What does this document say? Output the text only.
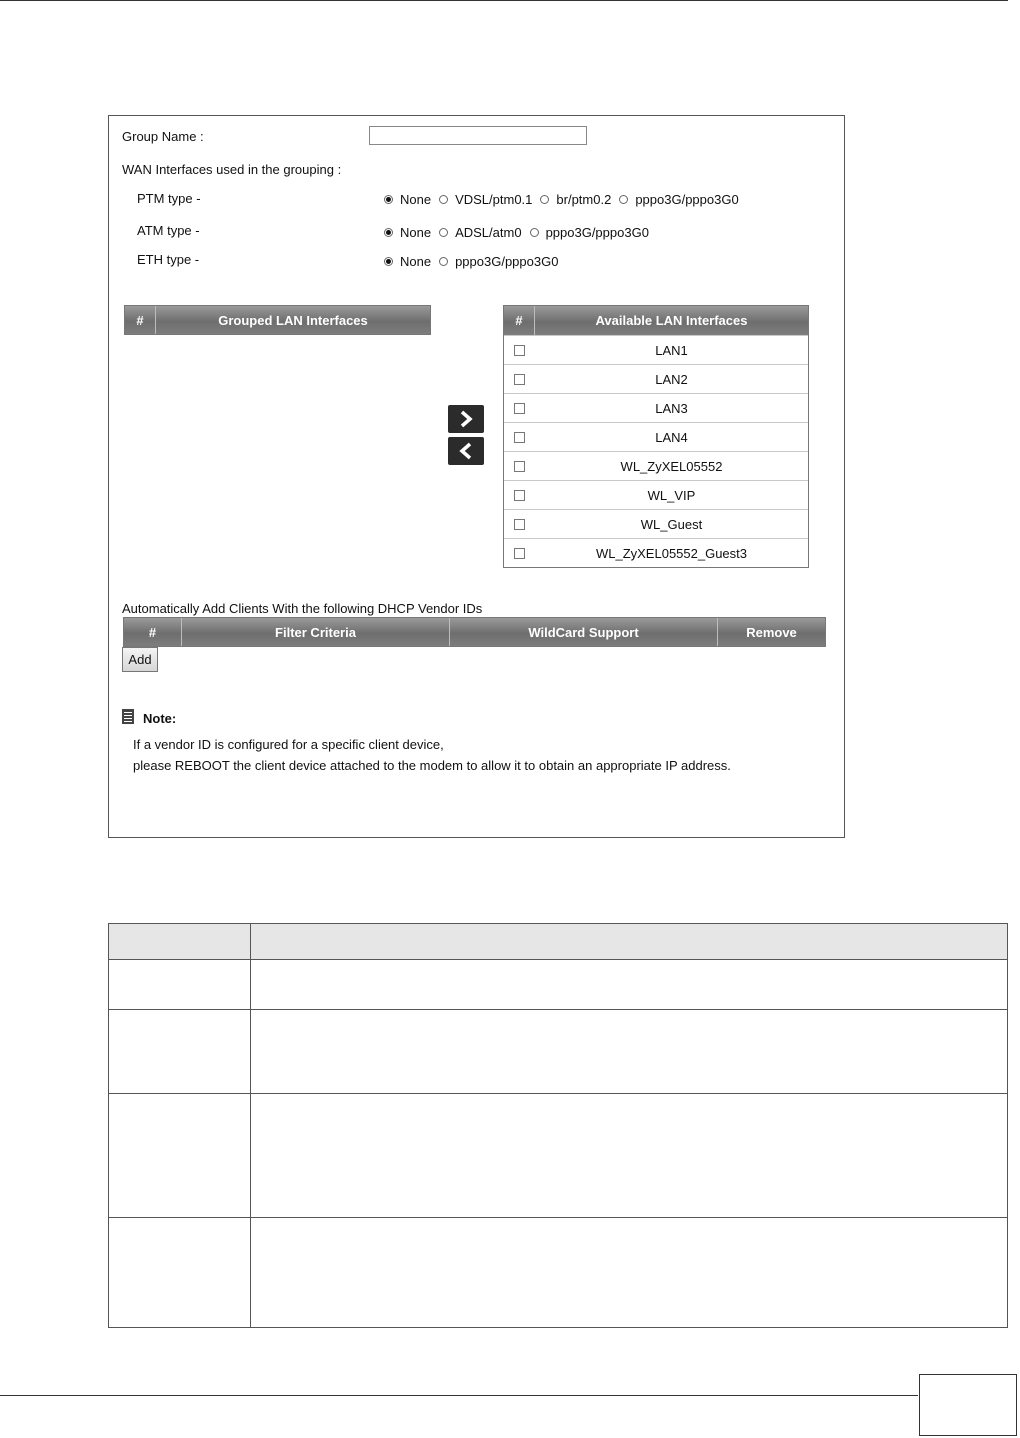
Group Name :
WAN Interfaces used in the grouping :
PTM type -	None VDSL/ptm0.1 br/ptm0.2 pppo3G/pppo3G0
ATM type -	None ADSL/atm0 pppo3G/pppo3G0
ETH type -	None pppo3G/pppo3G0
#	Grouped LAN Interfaces	#	Available LAN Interfaces
LAN1
LAN2
LAN3
LAN4
WL_ZyXEL05552
WL_VIP
WL_Guest
WL_ZyXEL05552_Guest3
Automatically Add Clients With the following DHCP Vendor IDs
#	Filter Criteria	WildCard Support	Remove
Add
Note:
If a vendor ID is configured for a specific client device,
please REBOOT the client device attached to the modem to allow it to obtain an appropriate IP address.
